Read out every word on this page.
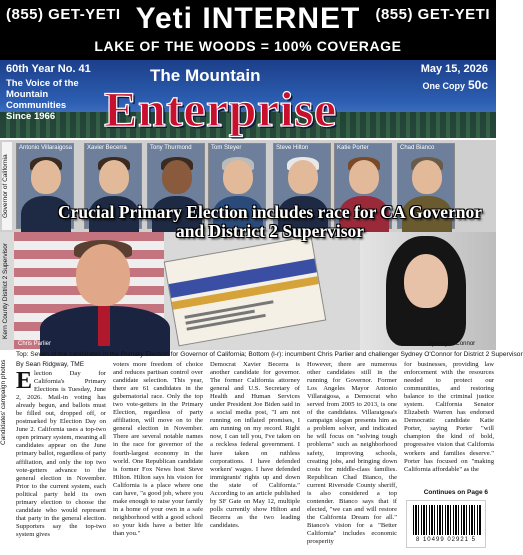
(855) GET-YETI Yeti INTERNET	(855) GET-YETI
LAKE OF THE WOODS = 100% COVERAGE
60th Year No. 41
The Voice of the Mountain Communities Since 1966
The Mountain
Enterprise
May 15, 2026
One Copy 50c
Governor of California
Antonio Villaraigosa	Xavier Becerra	Tony Thurmond	Tom Steyer	Steve Hilton	Katie Porter	Chad Bianco
Kern County District 2 Supervisor
Chris Parlier	Sydney O'Connor
Crucial Primary Election includes race for CA Governor and District 2 Supervisor
Top: Seven of the candidates in the Primary Election for Governor of California; Bottom (l-r): incumbent Chris Parlier and challenger Sydney O'Connor for District 2 Supervisor
Candidates' campaign photos	By Sean Ridgway, TME
Election Day for California's Primary Elections is Tuesday, June 2, 2026. Mail-in voting has already begun, and ballots must be filled out, dropped off, or postmarked by Election Day on June 2. California uses a top-two open primary system, meaning all candidates appear on the June primary ballot, regardless of party affiliation, and only the top two vote-getters advance to the general election in November. Prior to the current system, each political party held its own primary election to choose the candidate who would represent that party in the general election. Supporters say the top-two system gives
voters more freedom of choice and reduces partisan control over candidate selection. This year, there are 61 candidates in the gubernatorial race. Only the top two vote-getters in the Primary Election, regardless of party affiliation, will move on to the general election in November. There are several notable names in the race for governor of the fourth-largest economy in the world. One Republican candidate is former Fox News host Steve Hilton. Hilton says his vision for California is a place where one can have, "a good job, where you make enough to raise your family in a home of your own in a safe neighborhood with a good school so your kids have a better life than you."
Democrat Xavier Becerra is another candidate for governor. The former California attorney general and U.S. Secretary of Health and Human Services under President Joe Biden said in a social media post, "I am not running on inflated promises, I am running on my record. Right now, I can tell you, I've taken on a reckless federal government. I have taken on ruthless corporations. I have defended workers' wages. I have defended immigrants' rights up and down the state of California." According to an article published by SF Gate on May 12, multiple polls currently show Hilton and Becerra as the two leading candidates.
However, there are numerous other candidates still in the running for Governor. Former Los Angeles Mayor Antonio Villaraigosa, a Democrat who served from 2005 to 2013, is one of the candidates. Villaraigosa's campaign slogan presents him as a problem solver, and indicated he will focus on "solving tough problems" such as neighborhood safety, improving schools, creating jobs, and bringing down costs for middle-class families. Republican Chad Bianco, the current Riverside County sheriff, is also considered a top contender. Bianco says that if elected, "we can and will restore the California Dream for all." Bianco's vision for a "Better California" includes economic prosperity
for businesses, providing law enforcement with the resources needed to protect our communities, and restoring balance to the criminal justice system. California Senator Elizabeth Warren has endorsed Democratic candidate Katie Porter, saying Porter "will champion the kind of bold, progressive vision that California workers and families deserve." Porter has focused on "making California affordable" as the
Continues on Page 6
8 10499 02921 5
